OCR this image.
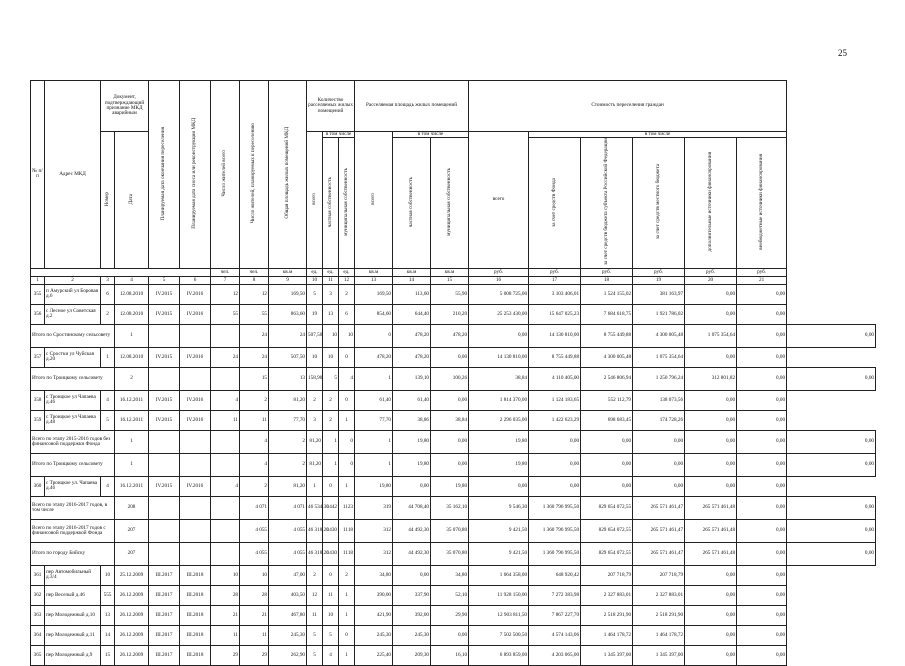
25
№ п/п	Адрес МКД	Документ, подтверждающий признание МКД аварийным		Планируемая дата окончания переселения	Планируемая дата сноса или реконструкции МКД	Число жителей всего	Число жителей, планируемых к переселению	Общая площадь жилых помещений МКД	Количество расселяемых жилых помещений			Расселяемая площадь жилых помещений			Стоимость переселения граждан						
		Номер	Дата						всего	в том числе		всего	в том числе		всего	в том числе					
										частная собственность	муниципальная собственность		частная собственность	муниципальная собственность		за счет средств Фонда	за счет средств бюджета субъекта Российской Федерации	за счет средств местного бюджета	дополнительные источники финансирования	внебюджетные источники финансирования	
						чел.	чел.	кв.м	ед.	ед.	ед.	кв.м	кв.м	кв.м	руб.	руб.	руб.	руб.	руб.	руб.	
1	2	3	4	5	6	7	8	9	10	11	12	13	14	15	16	17	18	19	20	21	
355	п Амурский ул Боровая д.6	6	12.08.2010	IV.2015	IV.2016	12	12	169,50	5	3	2	169,50	113,60	55,90	5 008 725,00	3 103 406,01	1 524 155,02	381 163,97	0,00	0,00	
356	с Лесное ул Советская д.2	2	12.08.2010	IV.2015	IV.2016	55	55	863,60	19	13	6	854,60	644,40	210,20	25 253 430,00	15 647 025,23	7 684 618,75	1 921 786,02	0,00	0,00	
Итого по Сростинскому сельсовету			1				24	24	507,50	10	10	0	478,20	478,20	0,00	14 130 810,00	8 755 449,88	4 300 005,48	1 075 354,64	0,00	0,00
357	с Сростки ул Чуйская д.20	1	12.08.2010	IV.2015	IV.2016	24	24	507,50	10	10	0	478,20	478,20	0,00	14 130 810,00	8 755 449,88	4 300 005,48	1 075 354,64	0,00	0,00	
Итого по Троицкому сельсовету			2				15	13	158,90	5	4	1	139,10	100,26	38,84	4 110 405,00	2 546 806,94	1 250 796,24	312 801,82	0,00	0,00
358	с Троицкое ул Чапаева д.46	4	16.12.2011	IV.2015	IV.2016	4	2	81,20	2	2	0	61,40	61,40	0,00	1 814 370,00	1 124 183,65	552 112,79	138 073,56	0,00	0,00	
359	с Троицкое ул Чапаева д.48	5	16.12.2011	IV.2015	IV.2016	11	11	77,70	3	2	1	77,70	38,86	38,84	2 296 035,00	1 422 623,29	698 683,45	174 728,26	0,00	0,00	
Всего по этапу 2015-2016 годов без финансовой поддержки Фонда			1				4	2	81,20	1	0	1	19,80	0,00	19,80	0,00	0,00	0,00	0,00	0,00	0,00
Итого по Троицкому сельсовету			1				4	2	81,20	1	0	1	19,80	0,00	19,80	0,00	0,00	0,00	0,00	0,00	0,00
360	с Троицкое ул. Чапаева д.46	4	16.12.2011	IV.2015	IV.2016	4	2	81,20	1	0	1	19,80	0,00	19,80	0,00	0,00	0,00	0,00	0,00	0,00	
Всего по этапу 2016-2017 годов, в том числе			208				4 071	4 071	46 534,30	1442	1123	319	44 708,40	35 162,10	9 546,30	1 360 796 995,50	829 654 072,55	265 571 461,47	265 571 461,48	0,00	0,00
Всего по этапу 2016-2017 годов с финансовой поддержкой Фонда			207				4 055	4 055	46 318,20	1430	1118	312	44 492,30	35 070,80	9 421,50	1 360 796 995,50	829 654 072,55	265 571 461,47	265 571 461,48	0,00	0,00
Итого по городу Бийску			207				4 055	4 055	46 318,20	1430	1118	312	44 492,30	35 070,80	9 421,50	1 360 796 995,50	829 654 072,55	265 571 461,47	265 571 461,48	0,00	0,00
361	пер Автомобильный д.3/4	10	25.12.2009	III.2017	III.2018	10	10	47,00	2	0	2	34,80	0,00	34,80	1 064 358,00	648 920,42	207 718,79	207 718,79	0,00	0,00	
362	пер Веселый д.46	555	26.12.2009	III.2017	III.2018	28	28	403,50	12	11	1	390,00	337,90	52,10	11 928 150,00	7 272 383,98	2 327 883,01	2 327 883,01	0,00	0,00	
363	пер Молодежный д.10	13	26.12.2009	III.2017	III.2018	21	21	467,80	11	10	1	421,90	392,00	29,90	12 903 811,50	7 867 227,70	2 518 291,90	2 518 291,90	0,00	0,00	
364	пер Молодежный д.11	14	26.12.2009	III.2017	III.2018	11	11	245,30	5	5	0	245,30	245,30	0,00	7 502 500,50	4 574 143,06	1 464 178,72	1 464 178,72	0,00	0,00	
365	пер Молодежный д.9	15	26.12.2009	III.2017	III.2018	29	29	262,90	5	4	1	225,40	209,30	16,10	6 893 859,00	4 203 065,00	1 345 397,00	1 345 397,00	0,00	0,00	
